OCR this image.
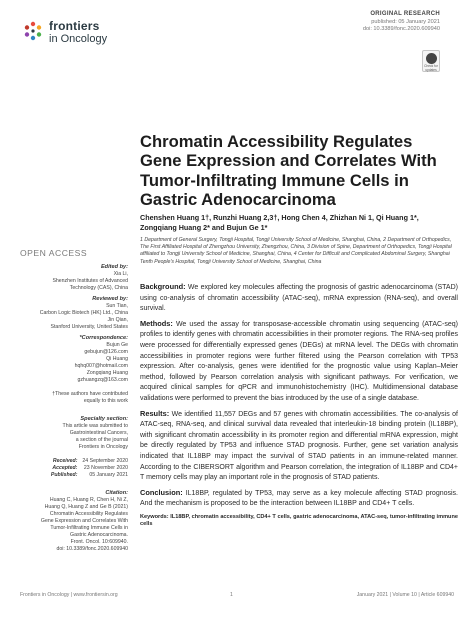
frontiers
in Oncology
ORIGINAL RESEARCH
published: 05 January 2021
doi: 10.3389/fonc.2020.609940
Check for updates
Chromatin Accessibility Regulates Gene Expression and Correlates With Tumor-Infiltrating Immune Cells in Gastric Adenocarcinoma
Chenshen Huang 1†, Runzhi Huang 2,3†, Hong Chen 4, Zhizhan Ni 1, Qi Huang 1*, Zongqiang Huang 2* and Bujun Ge 1*
1 Department of General Surgery, Tongji Hospital, Tongji University School of Medicine, Shanghai, China, 2 Department of Orthopedics, The First Affiliated Hospital of Zhengzhou University, Zhengzhou, China, 3 Division of Spine, Department of Orthopedics, Tongji Hospital affiliated to Tongji University School of Medicine, Shanghai, China, 4 Center for Difficult and Complicated Abdominal Surgery, Shanghai Tenth People's Hospital, Tongji University School of Medicine, Shanghai, China
OPEN ACCESS
Edited by:
Xia Li,
Shenzhen Institutes of Advanced
Technology (CAS), China
Reviewed by:
Sun Tian,
Carbon Logic Biotech (HK) Ltd., China
Jin Qian,
Stanford University, United States
*Correspondence:
Bujun Ge
gebujun@126.com
Qi Huang
hqhq007@hotmail.com
Zongqiang Huang
gzhuangzq@163.com
†These authors have contributed
equally to this work
Specialty section:
This article was submitted to
Gastrointestinal Cancers,
a section of the journal
Frontiers in Oncology
Received: 24 September 2020
Accepted: 23 November 2020
Published:	05 January 2021
Citation:
Huang C, Huang R, Chen H, Ni Z,
Huang Q, Huang Z and Ge B (2021)
Chromatin Accessibility Regulates
Gene Expression and Correlates With
Tumor-Infiltrating Immune Cells in
Gastric Adenocarcinoma.
Front. Oncol. 10:609940.
doi: 10.3389/fonc.2020.609940

Background: We explored key molecules affecting the prognosis of gastric adenocarcinoma (STAD) using co-analysis of chromatin accessibility (ATAC-seq), mRNA expression (RNA-seq), and overall survival.

Methods: We used the assay for transposase-accessible chromatin using sequencing (ATAC-seq) profiles to identify genes with chromatin accessibilities in their promoter regions. The RNA-seq profiles were processed for differentially expressed genes (DEGs) at mRNA level. The DEGs with chromatin accessibilities in promoter regions were further filtered using the Pearson correlation with TP53 expression. After co-analysis, genes were identified for the prognostic value using Kaplan–Meier method, followed by Pearson correlation analysis with significant pathways. For verification, we acquired clinical samples for qPCR and immunohistochemistry (IHC). Multidimensional database validations were performed to prevent the bias introduced by the use of a single database.

Results: We identified 11,557 DEGs and 57 genes with chromatin accessibilities. The co-analysis of ATAC-seq, RNA-seq, and clinical survival data revealed that interleukin-18 binding protein (IL18BP), with significant chromatin accessibility in its promoter region and differential mRNA expression, might be directly regulated by TP53 and influence STAD prognosis. Further, gene set variation analysis indicated that IL18BP may impact the survival of STAD patients in an immune-related manner. According to the CIBERSORT algorithm and Pearson correlation, the integration of IL18BP and CD4+ T memory cells may play an important role in the prognosis of STAD patients.

Conclusion: IL18BP, regulated by TP53, may serve as a key molecule affecting STAD prognosis. And the mechanism is proposed to be the interaction between IL18BP and CD4+ T cells.

Keywords: IL18BP, chromatin accessibility, CD4+ T cells, gastric adenocarcinoma, ATAC-seq, tumor-infiltrating immune cells

Frontiers in Oncology | www.frontiersin.org	1	January 2021 | Volume 10 | Article 609940
